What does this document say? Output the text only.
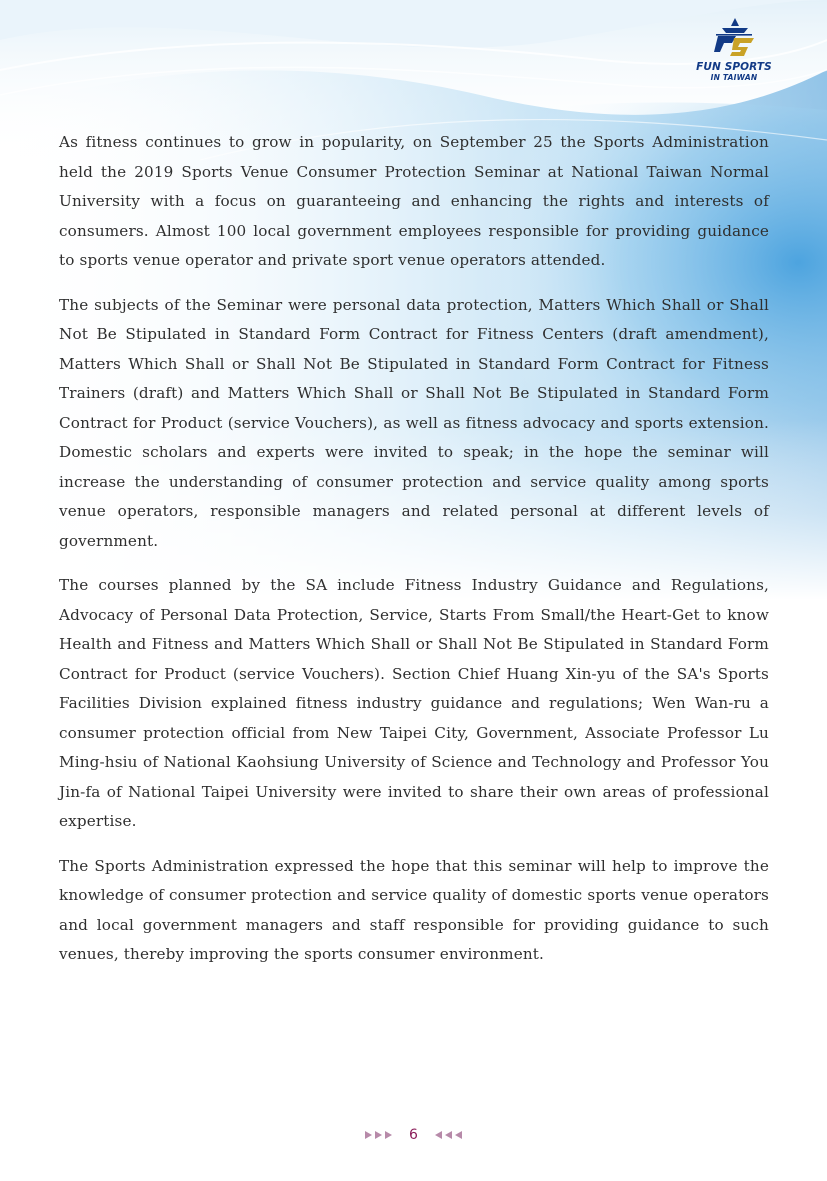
FUN SPORTS
IN TAIWAN

As fitness continues to grow in popularity, on September 25 the Sports Administration held the 2019 Sports Venue Consumer Protection Seminar at National Taiwan Normal University with a focus on guaranteeing and enhancing the rights and interests of consumers. Almost 100 local government employees responsible for providing guidance to sports venue operator and private sport venue operators attended.

The subjects of the Seminar were personal data protection, Matters Which Shall or Shall Not Be Stipulated in Standard Form Contract for Fitness Centers (draft amendment), Matters Which Shall or Shall Not Be Stipulated in Standard Form Contract for Fitness Trainers (draft) and Matters Which Shall or Shall Not Be Stipulated in Standard Form Contract for Product (service Vouchers), as well as fitness advocacy and sports extension. Domestic scholars and experts were invited to speak; in the hope the seminar will increase the understanding of consumer protection and service quality among sports venue operators, responsible managers and related personal at different levels of government.

The courses planned by the SA include Fitness Industry Guidance and Regulations, Advocacy of Personal Data Protection, Service, Starts From Small/the Heart-Get to know Health and Fitness and Matters Which Shall or Shall Not Be Stipulated in Standard Form Contract for Product (service Vouchers). Section Chief Huang Xin-yu of the SA's Sports Facilities Division explained fitness industry guidance and regulations; Wen Wan-ru a consumer protection official from New Taipei City, Government, Associate Professor Lu Ming-hsiu of National Kaohsiung University of Science and Technology and Professor You Jin-fa of National Taipei University were invited to share their own areas of professional expertise.

The Sports Administration expressed the hope that this seminar will help to improve the knowledge of consumer protection and service quality of domestic sports venue operators and local government managers and staff responsible for providing guidance to such venues, thereby improving the sports consumer environment.

6
